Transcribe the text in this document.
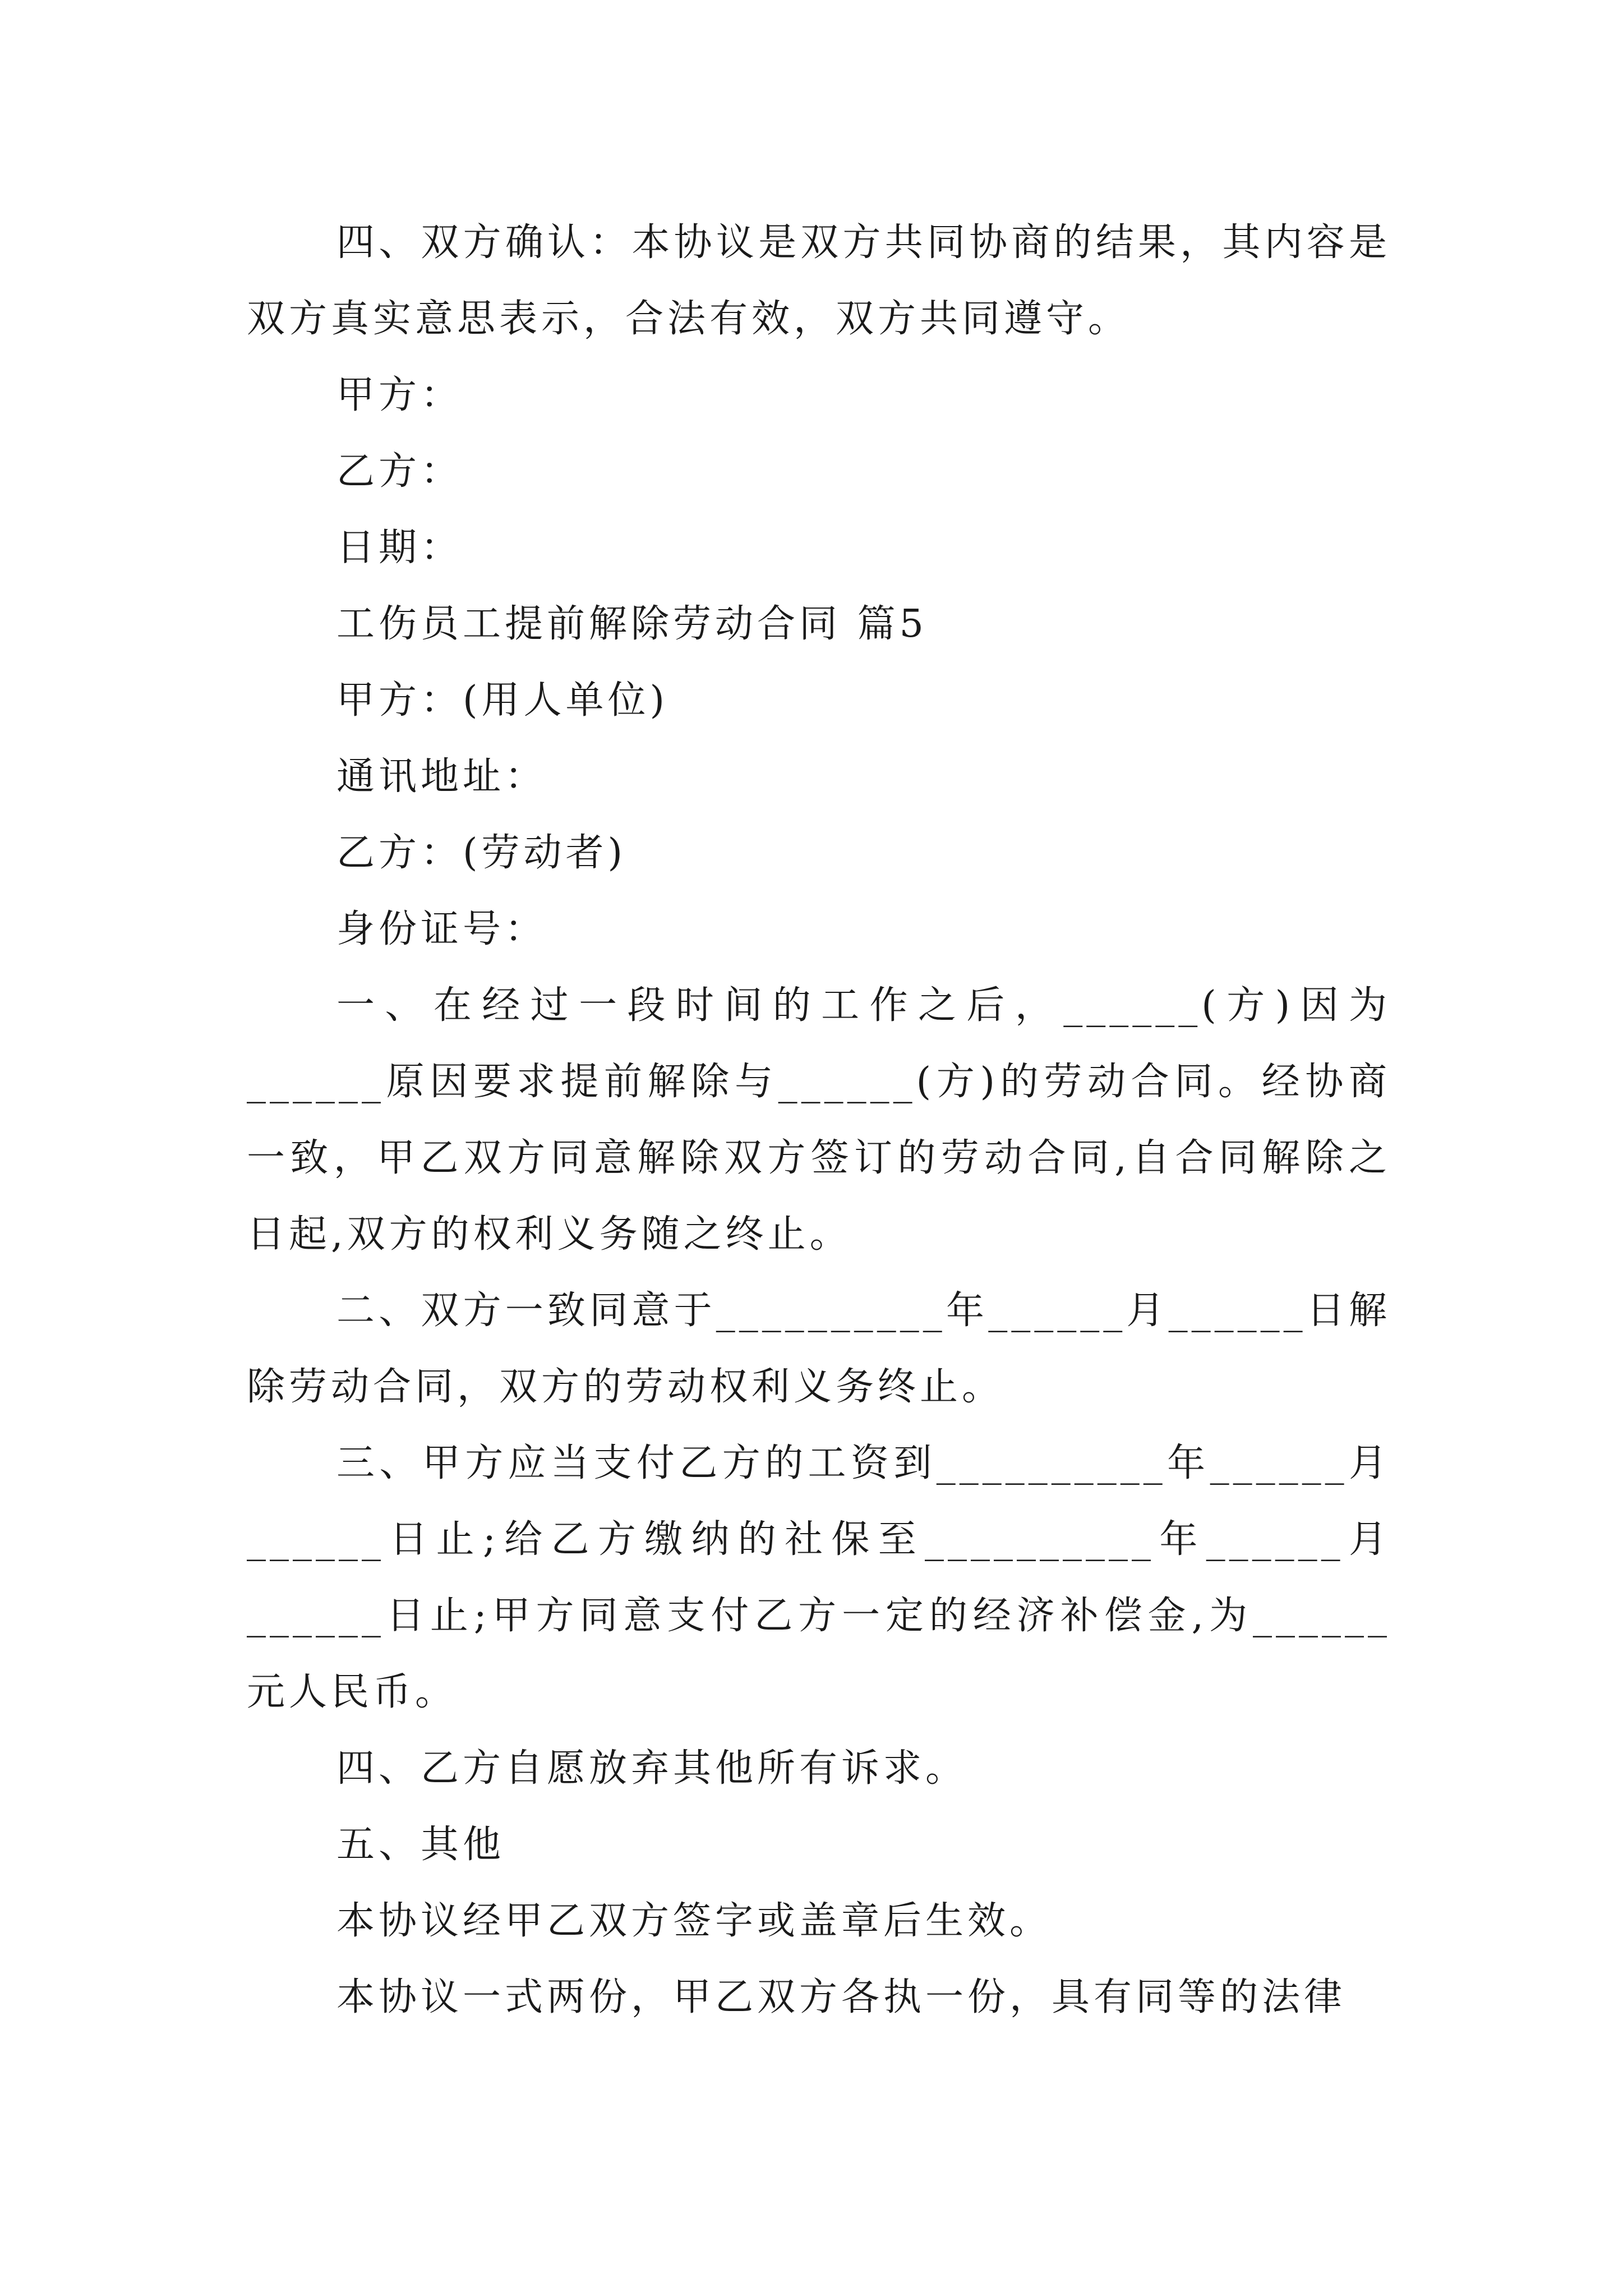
四、双方确认：本协议是双方共同协商的结果，其内容是双方真实意思表示，合法有效，双方共同遵守。

甲方：

乙方：

日期：

工伤员工提前解除劳动合同 篇5

甲方：(用人单位)

通讯地址：

乙方：(劳动者)

身份证号：

一、在经过一段时间的工作之后，______(方)因为______原因要求提前解除与______(方)的劳动合同。经协商一致，甲乙双方同意解除双方签订的劳动合同,自合同解除之日起,双方的权利义务随之终止。

二、双方一致同意于__________年______月______日解除劳动合同，双方的劳动权利义务终止。

三、甲方应当支付乙方的工资到__________年______月______日止;给乙方缴纳的社保至__________年______月______日止;甲方同意支付乙方一定的经济补偿金,为______元人民币。

四、乙方自愿放弃其他所有诉求。

五、其他

本协议经甲乙双方签字或盖章后生效。

本协议一式两份，甲乙双方各执一份，具有同等的法律
